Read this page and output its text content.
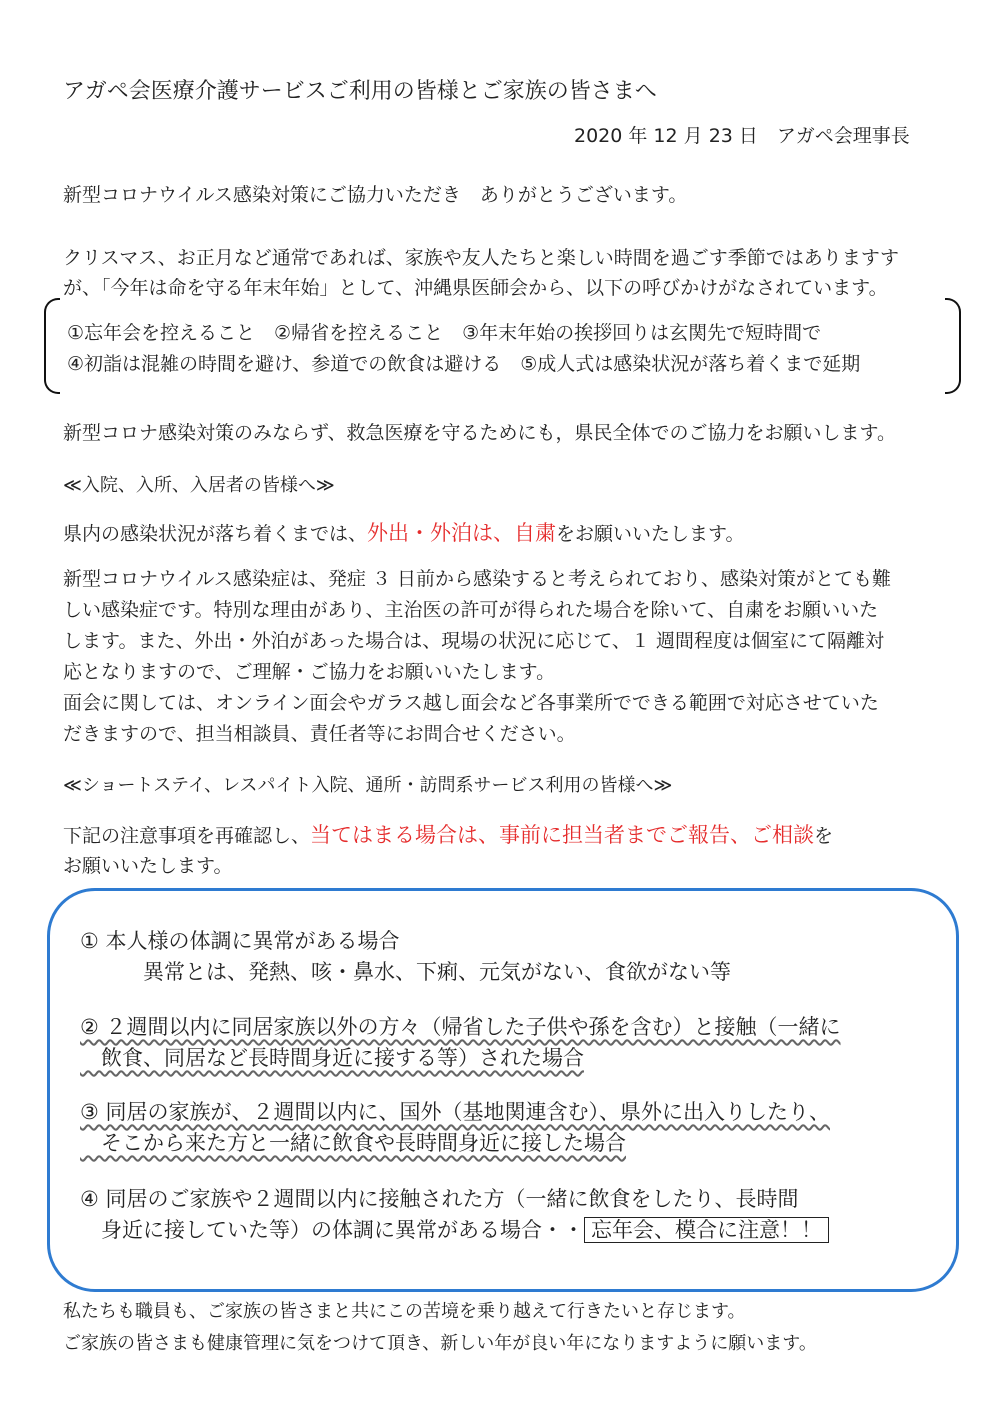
アガペ会医療介護サービスご利用の皆様とご家族の皆さまへ
2020 年 12 月 23 日　アガペ会理事長
新型コロナウイルス感染対策にご協力いただき　ありがとうございます。
クリスマス、お正月など通常であれば、家族や友人たちと楽しい時間を過ごす季節ではありますす
が、「今年は命を守る年末年始」として、沖縄県医師会から、以下の呼びかけがなされています。
①忘年会を控えること　②帰省を控えること　③年末年始の挨拶回りは玄関先で短時間で
④初詣は混雑の時間を避け、参道での飲食は避ける　⑤成人式は感染状況が落ち着くまで延期
新型コロナ感染対策のみならず、救急医療を守るためにも，県民全体でのご協力をお願いします。
≪入院、入所、入居者の皆様へ≫
県内の感染状況が落ち着くまでは、外出・外泊は、自粛をお願いいたします。
新型コロナウイルス感染症は、発症 ３ 日前から感染すると考えられており、感染対策がとても難
しい感染症です。特別な理由があり、主治医の許可が得られた場合を除いて、自粛をお願いいた
します。また、外出・外泊があった場合は、現場の状況に応じて、１ 週間程度は個室にて隔離対
応となりますので、ご理解・ご協力をお願いいたします。
面会に関しては、オンライン面会やガラス越し面会など各事業所でできる範囲で対応させていた
だきますので、担当相談員、責任者等にお問合せください。
≪ショートステイ、レスパイト入院、通所・訪問系サービス利用の皆様へ≫
下記の注意事項を再確認し、当てはまる場合は、事前に担当者までご報告、ご相談を
お願いいたします。
① 本人様の体調に異常がある場合
　　　異常とは、発熱、咳・鼻水、下痢、元気がない、食欲がない等
② ２週間以内に同居家族以外の方々（帰省した子供や孫を含む）と接触（一緒に
　飲食、同居など長時間身近に接する等）された場合
③ 同居の家族が、２週間以内に、国外（基地関連含む）、県外に出入りしたり、
　そこから来た方と一緒に飲食や長時間身近に接した場合
④ 同居のご家族や２週間以内に接触された方（一緒に飲食をしたり、長時間
　身近に接していた等）の体調に異常がある場合・・ 忘年会、模合に注意！！
私たちも職員も、ご家族の皆さまと共にこの苦境を乗り越えて行きたいと存じます。
ご家族の皆さまも健康管理に気をつけて頂き、新しい年が良い年になりますように願います。
